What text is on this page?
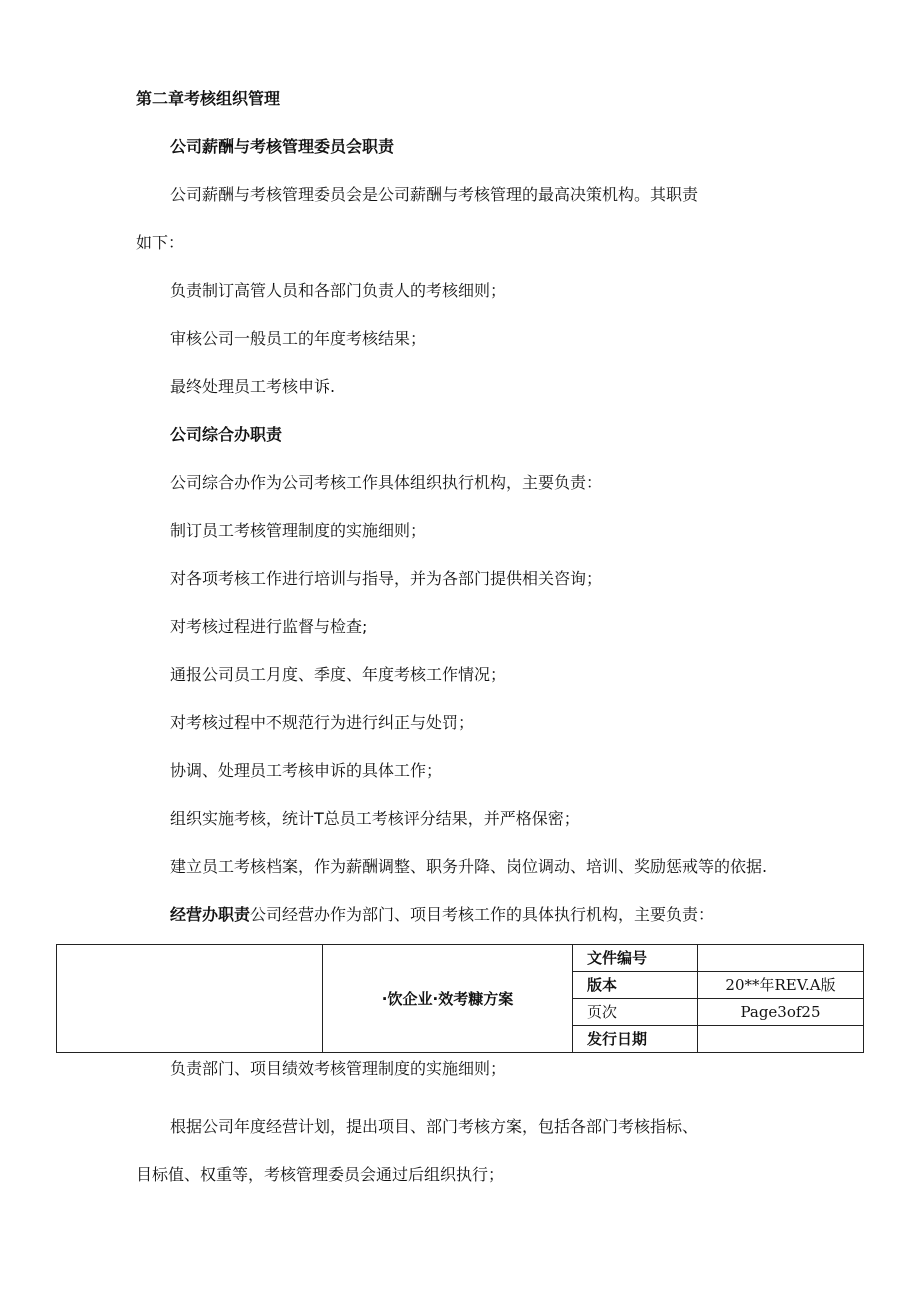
第二章考核组织管理
公司薪酬与考核管理委员会职责
公司薪酬与考核管理委员会是公司薪酬与考核管理的最高决策机构。其职责
如下：
负责制订高管人员和各部门负责人的考核细则；
审核公司一般员工的年度考核结果；
最终处理员工考核申诉.
公司综合办职责
公司综合办作为公司考核工作具体组织执行机构，主要负责：
制订员工考核管理制度的实施细则；
对各项考核工作进行培训与指导，并为各部门提供相关咨询；
对考核过程进行监督与检查;
通报公司员工月度、季度、年度考核工作情况；
对考核过程中不规范行为进行纠正与处罚；
协调、处理员工考核申诉的具体工作；
组织实施考核，统计T总员工考核评分结果，并严格保密；
建立员工考核档案，作为薪酬调整、职务升降、岗位调动、培训、奖励惩戒等的依据.
经营办职责公司经营办作为部门、项目考核工作的具体执行机构，主要负责：
	·饮企业·效考糠方案	文件编号	
		版本	20**年REV.A版
		页次	Page3of25
		发行日期	
负责部门、项目绩效考核管理制度的实施细则；
根据公司年度经营计划，提出项目、部门考核方案，包括各部门考核指标、
目标值、权重等，考核管理委员会通过后组织执行；
